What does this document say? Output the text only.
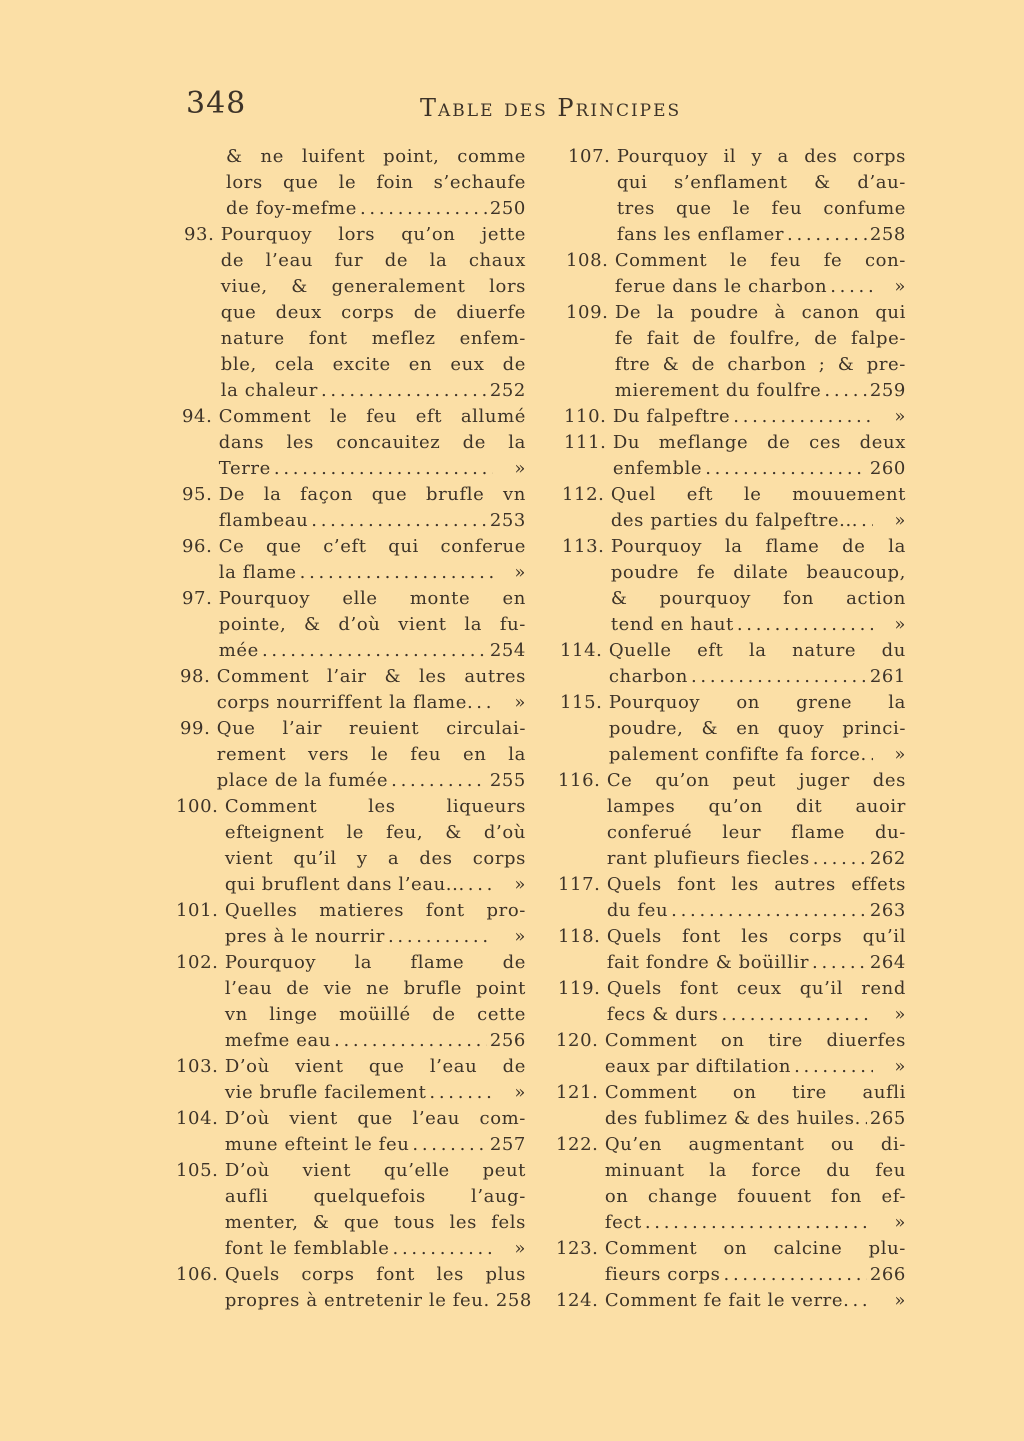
348	Table des Principes
& ne luifent point, comme
lors que le foin s’echaufe
de foy-mefme . . .	250
93. Pourquoy lors qu’on jette
de l’eau fur de la chaux
viue, & generalement lors
que deux corps de diuerfe
nature font meflez enfem-
ble, cela excite en eux de
la chaleur . . .	252
94. Comment le feu eft allumé
dans les concauitez de la
Terre . . .	»
95. De la façon que brufle vn
flambeau . . .	253
96. Ce que c’eft qui conferue
la flame . . .	»
97. Pourquoy elle monte en
pointe, & d’où vient la fu-
mée . . .	254
98. Comment l’air & les autres
corps nourriffent la flame. . . .	»
99. Que l’air reuient circulai-
rement vers le feu en la
place de la fumée . . .	255
100. Comment les liqueurs
efteignent le feu, & d’où
vient qu’il y a des corps
qui bruflent dans l’eau... . . .	»
101. Quelles matieres font pro-
pres à le nourrir . . .	»
102. Pourquoy la flame de
l’eau de vie ne brufle point
vn linge moüillé de cette
mefme eau . . .	256
103. D’où vient que l’eau de
vie brufle facilement . . .	»
104. D’où vient que l’eau com-
mune efteint le feu . . .	257
105. D’où vient qu’elle peut
aufli quelquefois l’aug-
menter, & que tous les fels
font le femblable . . .	»
106. Quels corps font les plus
propres à entretenir le feu. 258
107. Pourquoy il y a des corps
qui s’enflament & d’au-
tres que le feu confume
fans les enflamer . . .	258
108. Comment le feu fe con-
ferue dans le charbon . . .	»
109. De la poudre à canon qui
fe fait de foulfre, de falpe-
ftre & de charbon ; & pre-
mierement du foulfre . . .	259
110. Du falpeftre . . .	»
111. Du meflange de ces deux
enfemble . . .	260
112. Quel eft le mouuement
des parties du falpeftre... . . .	»
113. Pourquoy la flame de la
poudre fe dilate beaucoup,
& pourquoy fon action
tend en haut . . .	»
114. Quelle eft la nature du
charbon . . .	261
115. Pourquoy on grene la
poudre, & en quoy princi-
palement confifte fa force. . . .	»
116. Ce qu’on peut juger des
lampes qu’on dit auoir
conferué leur flame du-
rant plufieurs fiecles . . .	262
117. Quels font les autres effets
du feu . . .	263
118. Quels font les corps qu’il
fait fondre & boüillir . . .	264
119. Quels font ceux qu’il rend
fecs & durs . . .	»
120. Comment on tire diuerfes
eaux par diftilation . . .	»
121. Comment on tire aufli
des fublimez & des huiles. . . . 265
122. Qu’en augmentant ou di-
minuant la force du feu
on change fouuent fon ef-
fect . . .	»
123. Comment on calcine plu-
fieurs corps . . .	266
124. Comment fe fait le verre. . . .	»
